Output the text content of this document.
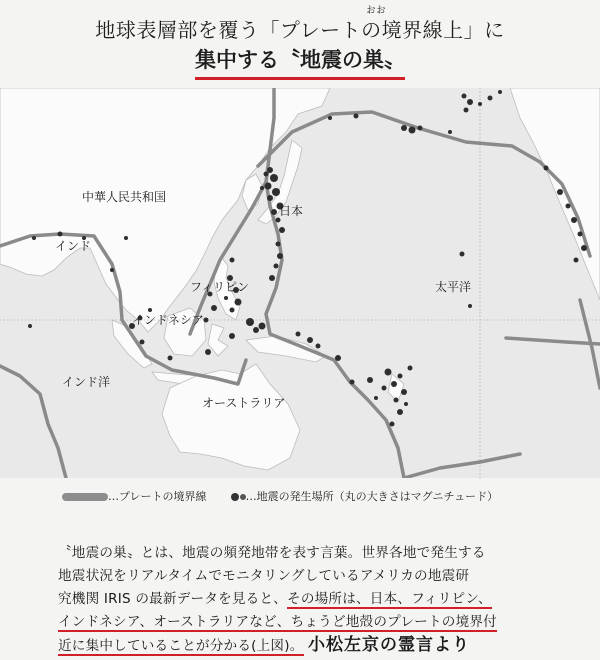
おお
地球表層部を覆う「プレートの境界線上」に
集中する〝地震の巣〟
中華人民共和国
日本
インド
フィリピン
インドネシア
太平洋
インド洋
オーストラリア
…プレートの境界線 	…地震の発生場所（丸の大きさはマグニチュード）
〝地震の巣〟とは、地震の頻発地帯を表す言葉。世界各地で発生する
地震状況をリアルタイムでモニタリングしているアメリカの地震研
究機関 IRIS の最新データを見ると、その場所は、日本、フィリピン、
インドネシア、オーストラリアなど、ちょうど地殻のプレートの境界付
近に集中していることが分かる(上図)。 小松左京の霊言より
